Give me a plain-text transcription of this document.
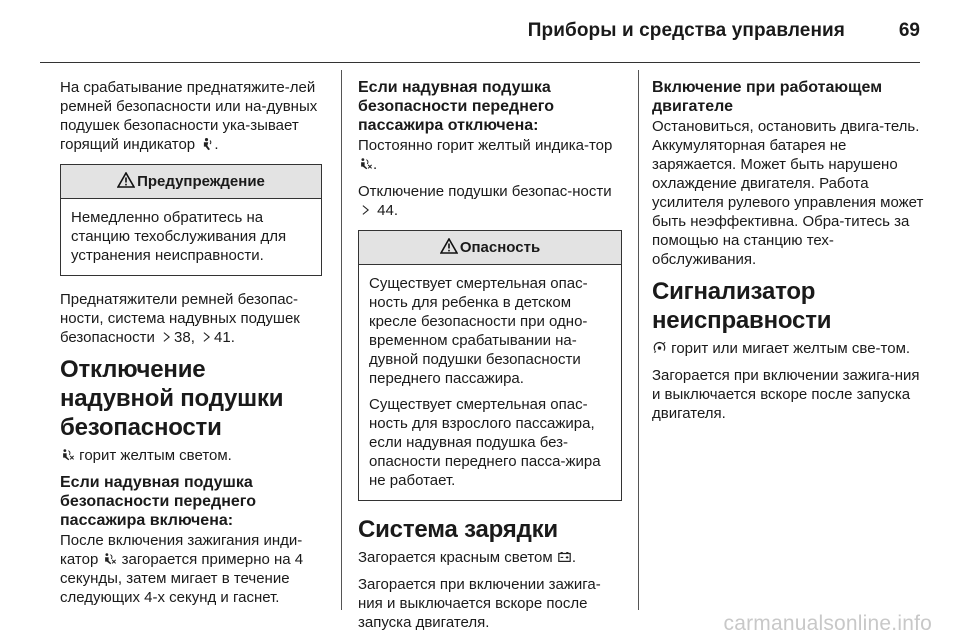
Приборы и средства управления	69

На срабатывание преднатяжите-лей ремней безопасности или на-дувных подушек безопасности ука-зывает горящий индикатор .

Предупреждение

Немедленно обратитесь на станцию техобслуживания для устранения неисправности.

Преднатяжители ремней безопас-ности, система надувных подушек безопасности 38, 41.

Отключение надувной подушки безопасности

горит желтым светом.

Если надувная подушка безопасности переднего пассажира включена:

После включения зажигания инди-катор загорается примерно на 4 секунды, затем мигает в течение следующих 4-х секунд и гаснет.

Если надувная подушка безопасности переднего пассажира отключена:

Постоянно горит желтый индика-тор
.

Отключение подушки безопас-ности
44.

Опасность

Существует смертельная опас-ность для ребенка в детском кресле безопасности при одно-временном срабатывании на-дувной подушки безопасности переднего пассажира.

Существует смертельная опас-ность для взрослого пассажира, если надувная подушка без-опасности переднего пасса-жира не работает.

Система зарядки

Загорается красным светом .

Загорается при включении зажига-ния и выключается вскоре после запуска двигателя.

Включение при работающем двигателе

Остановиться, остановить двига-тель. Аккумуляторная батарея не заряжается. Может быть нарушено охлаждение двигателя. Работа усилителя рулевого управления может быть неэффективна. Обра-титесь за помощью на станцию тех-обслуживания.

Сигнализатор неисправности

горит или мигает желтым све-том.

Загорается при включении зажига-ния и выключается вскоре после запуска двигателя.

carmanualsonline.info
